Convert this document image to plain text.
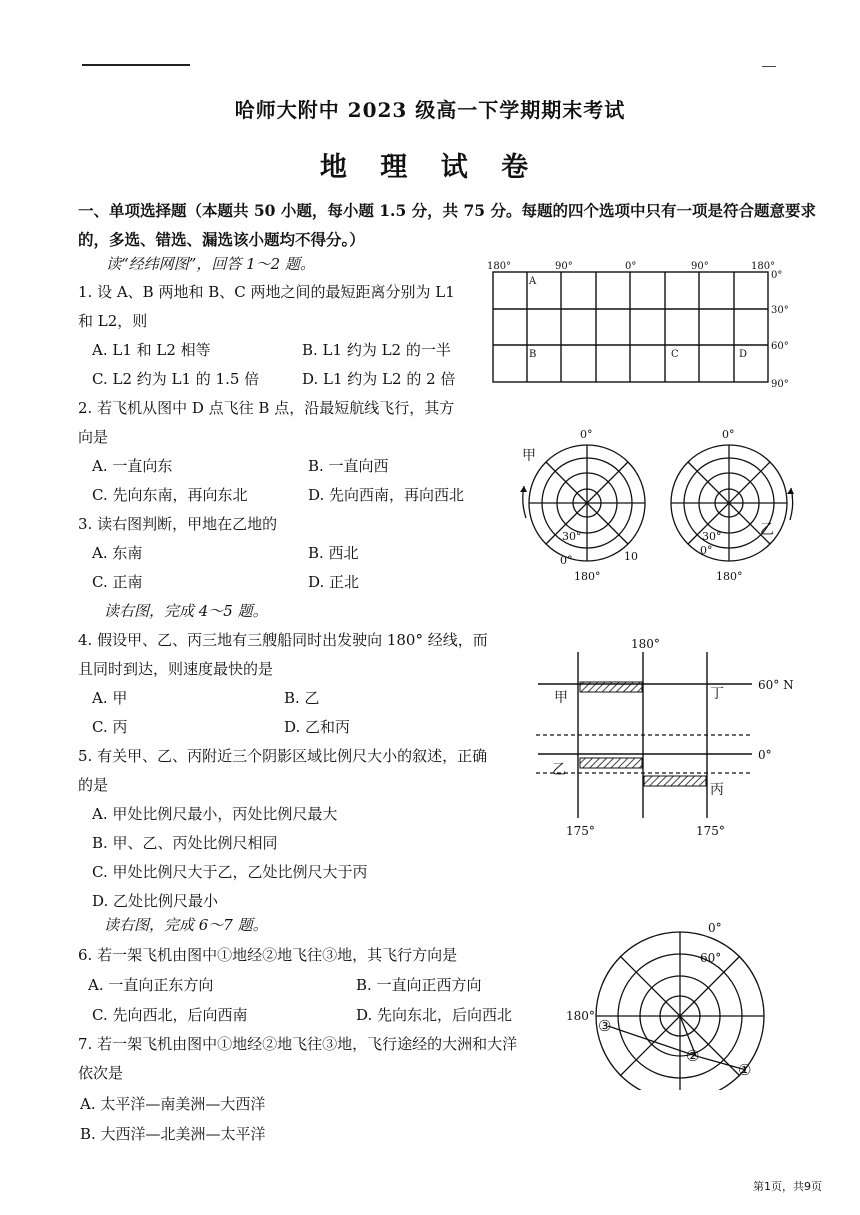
哈师大附中 2023 级高一下学期期末考试
地 理 试 卷
一、单项选择题（本题共 50 小题，每小题 1.5 分，共 75 分。每题的四个选项中只有一项是符合题意要求的，多选、错选、漏选该小题均不得分。）
读“经纬网图”，回答 1～2 题。
1. 设 A、B 两地和 B、C 两地之间的最短距离分别为 L1
和 L2，则
A. L1 和 L2 相等	B. L1 约为 L2 的一半
C. L2 约为 L1 的 1.5 倍	D. L1 约为 L2 的 2 倍
2. 若飞机从图中 D 点飞往 B 点，沿最短航线飞行，其方
向是
A. 一直向东	B. 一直向西
C. 先向东南，再向东北	D. 先向西南，再向西北
3. 读右图判断，甲地在乙地的
A. 东南	B. 西北
C. 正南	D. 正北
读右图，完成 4～5 题。
4. 假设甲、乙、丙三地有三艘船同时出发驶向 180° 经线，而
且同时到达，则速度最快的是
A. 甲	B. 乙
C. 丙	D. 乙和丙
5. 有关甲、乙、丙附近三个阴影区域比例尺大小的叙述，正确
的是
A. 甲处比例尺最小，丙处比例尺最大
B. 甲、乙、丙处比例尺相同
C. 甲处比例尺大于乙，乙处比例尺大于丙
D. 乙处比例尺最小
读右图，完成 6～7 题。
6. 若一架飞机由图中①地经②地飞往③地，其飞行方向是
A. 一直向正东方向	B. 一直向正西方向
C. 先向西北，后向西南	D. 先向东北，后向西北
7. 若一架飞机由图中①地经②地飞往③地，飞行途经的大洲和大洋
依次是
A. 太平洋—南美洲—大西洋
B. 大西洋—北美洲—太平洋
180°	90°	0°	90°	180°
0°
30°
60°
90°
A
B	C	D
0°
180°
30°
0°	10
甲
0°
180°
30°
0°
乙
180°
60° N
0°
175°	175°
甲
乙
丙
丁
0°
60°
180°
①
②
③
第1页，共9页
